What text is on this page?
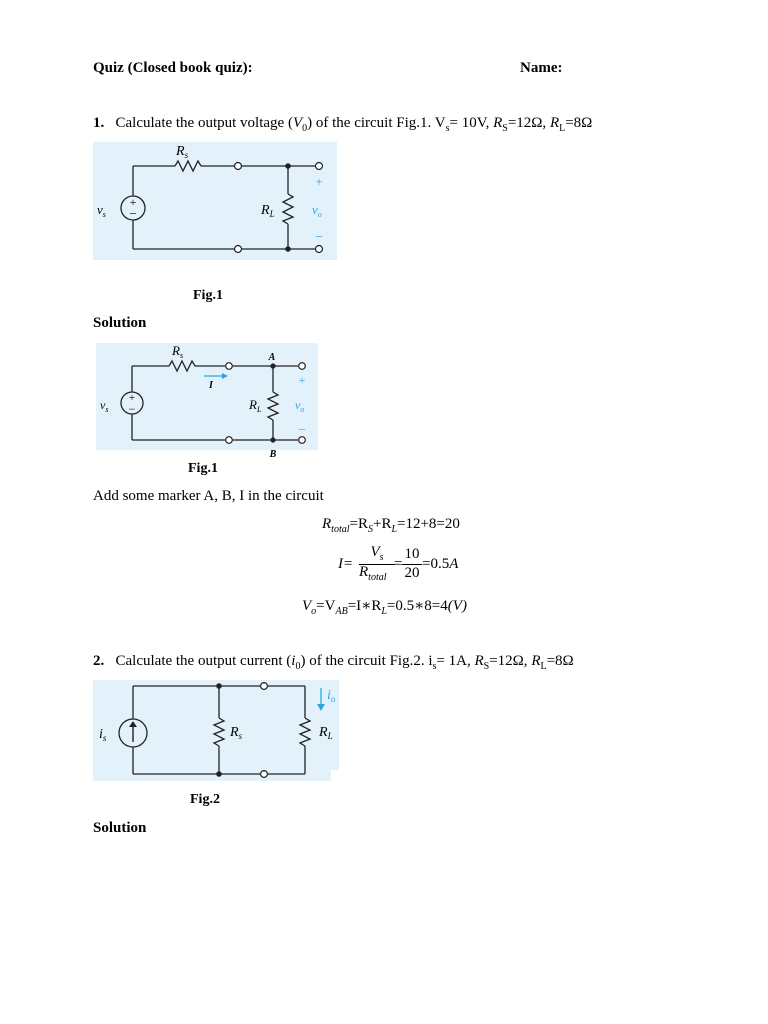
Quiz (Closed book quiz):	Name:
1. Calculate the output voltage $(V_0)$ of the circuit Fig.1. $V_s= 10V$, $R_S=12\Omega$, $R_L=8\Omega$
+
−
$R_s$
$R_L$
$v_s$	$v_o$
+
−
Fig.1
Solution
+
−
$R_s$
$R_L$
$v_s$	$v_o$
+
−
A
B
I
Fig.1
Add some marker A, B, I in the circuit
$R_{total}=R_S+R_L=12+8=20$
I=
$V_s$
$R_{total}$
=
10
20
=0.5A
$V_o=V_{AB}=I∗R_L=0.5∗8=4(V)$
2. Calculate the output current $(i_0)$ of the circuit Fig.2. $i_s= 1A$, $R_S=12\Omega$, $R_L=8\Omega$
$i_s$	$R_s$	$R_L$
$i_o$
Fig.2
Solution
